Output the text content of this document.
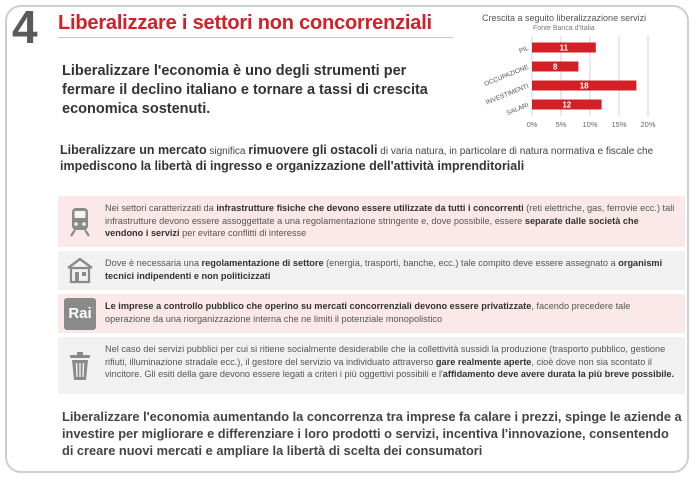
4 Liberalizzare i settori non concorrenziali	Crescita a seguito liberalizzazione servizi
Fonte Banca d'Italia
0% 5% 10% 15% 20%
11
PIL
8
OCCUPAZIONE	18
INVESTIMENTI	12
SALARI
Liberalizzare l'economia è uno degli strumenti per fermare il declino italiano e tornare a tassi di crescita economica sostenuti.
Liberalizzare un mercato significa rimuovere gli ostacoli di varia natura, in particolare di natura normativa e fiscale che impediscono la libertà di ingresso e organizzazione dell'attività imprenditoriali
Nei settori caratterizzati da infrastrutture fisiche che devono essere utilizzate da tutti i concorrenti (reti elettriche, gas, ferrovie ecc.) tali infrastrutture devono essere assoggettate a una regolamentazione stringente e, dove possibile, essere separate dalle società che vendono i servizi per evitare conflitti di interesse
Dove è necessaria una regolamentazione di settore (energia, trasporti, banche, ecc.) tale compito deve essere assegnato a organismi tecnici indipendenti e non politicizzati
Rai	Le imprese a controllo pubblico che operino su mercati concorrenziali devono essere privatizzate, facendo precedere tale operazione da una riorganizzazione interna che ne limiti il potenziale monopolistico
Nel caso dei servizi pubblici per cui si ritiene socialmente desiderabile che la collettività sussidi la produzione (trasporto pubblico, gestione rifiuti, illuminazione stradale ecc.), il gestore del servizio va individuato attraverso gare realmente aperte, cioè dove non sia scontato il vincitore. Gli esiti della gare devono essere legati a criteri i più oggettivi possibili e l'affidamento deve avere durata la più breve possibile.
Liberalizzare l'economia aumentando la concorrenza tra imprese fa calare i prezzi, spinge le aziende a investire per migliorare e differenziare i loro prodotti o servizi, incentiva l'innovazione, consentendo di creare nuovi mercati e ampliare la libertà di scelta dei consumatori
